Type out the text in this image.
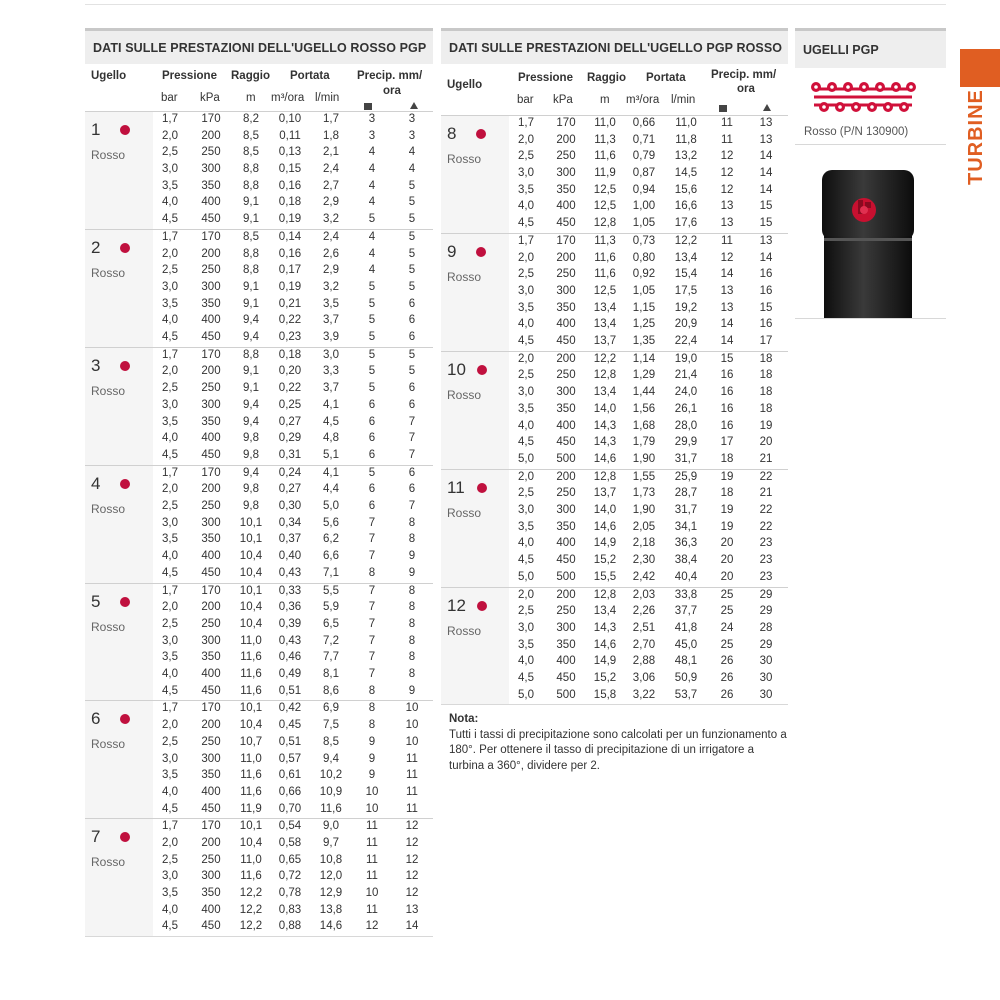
DATI SULLE PRESTAZIONI DELL'UGELLO ROSSO PGP
Ugello	Pressione Raggio Portata Precip. mm/
ora
bar kPa m m³/ora l/min
1
Rosso
1,7	170	8,2	0,10	1,7	3	3
2,0	200	8,5	0,11	1,8	3	3
2,5	250	8,5	0,13	2,1	4	4
3,0	300	8,8	0,15	2,4	4	4
3,5	350	8,8	0,16	2,7	4	5
4,0	400	9,1	0,18	2,9	4	5
4,5	450	9,1	0,19	3,2	5	5
2
Rosso
1,7	170	8,5	0,14	2,4	4	5
2,0	200	8,8	0,16	2,6	4	5
2,5	250	8,8	0,17	2,9	4	5
3,0	300	9,1	0,19	3,2	5	5
3,5	350	9,1	0,21	3,5	5	6
4,0	400	9,4	0,22	3,7	5	6
4,5	450	9,4	0,23	3,9	5	6
3
Rosso
1,7	170	8,8	0,18	3,0	5	5
2,0	200	9,1	0,20	3,3	5	5
2,5	250	9,1	0,22	3,7	5	6
3,0	300	9,4	0,25	4,1	6	6
3,5	350	9,4	0,27	4,5	6	7
4,0	400	9,8	0,29	4,8	6	7
4,5	450	9,8	0,31	5,1	6	7
4
Rosso
1,7	170	9,4	0,24	4,1	5	6
2,0	200	9,8	0,27	4,4	6	6
2,5	250	9,8	0,30	5,0	6	7
3,0	300	10,1	0,34	5,6	7	8
3,5	350	10,1	0,37	6,2	7	8
4,0	400	10,4	0,40	6,6	7	9
4,5	450	10,4	0,43	7,1	8	9
5
Rosso
1,7	170	10,1	0,33	5,5	7	8
2,0	200	10,4	0,36	5,9	7	8
2,5	250	10,4	0,39	6,5	7	8
3,0	300	11,0	0,43	7,2	7	8
3,5	350	11,6	0,46	7,7	7	8
4,0	400	11,6	0,49	8,1	7	8
4,5	450	11,6	0,51	8,6	8	9
6
Rosso
1,7	170	10,1	0,42	6,9	8	10
2,0	200	10,4	0,45	7,5	8	10
2,5	250	10,7	0,51	8,5	9	10
3,0	300	11,0	0,57	9,4	9	11
3,5	350	11,6	0,61	10,2	9	11
4,0	400	11,6	0,66	10,9	10	11
4,5	450	11,9	0,70	11,6	10	11
7
Rosso
1,7	170	10,1	0,54	9,0	11	12
2,0	200	10,4	0,58	9,7	11	12
2,5	250	11,0	0,65	10,8	11	12
3,0	300	11,6	0,72	12,0	11	12
3,5	350	12,2	0,78	12,9	10	12
4,0	400	12,2	0,83	13,8	11	13
4,5	450	12,2	0,88	14,6	12	14
DATI SULLE PRESTAZIONI DELL'UGELLO PGP ROSSO
Ugello
Pressione Raggio Portata Precip. mm/
ora
bar kPa m m³/ora l/min
8
Rosso
1,7	170	11,0	0,66	11,0	11	13
2,0	200	11,3	0,71	11,8	11	13
2,5	250	11,6	0,79	13,2	12	14
3,0	300	11,9	0,87	14,5	12	14
3,5	350	12,5	0,94	15,6	12	14
4,0	400	12,5	1,00	16,6	13	15
4,5	450	12,8	1,05	17,6	13	15
9
Rosso
1,7	170	11,3	0,73	12,2	11	13
2,0	200	11,6	0,80	13,4	12	14
2,5	250	11,6	0,92	15,4	14	16
3,0	300	12,5	1,05	17,5	13	16
3,5	350	13,4	1,15	19,2	13	15
4,0	400	13,4	1,25	20,9	14	16
4,5	450	13,7	1,35	22,4	14	17
10
Rosso
2,0	200	12,2	1,14	19,0	15	18
2,5	250	12,8	1,29	21,4	16	18
3,0	300	13,4	1,44	24,0	16	18
3,5	350	14,0	1,56	26,1	16	18
4,0	400	14,3	1,68	28,0	16	19
4,5	450	14,3	1,79	29,9	17	20
5,0	500	14,6	1,90	31,7	18	21
11
Rosso
2,0	200	12,8	1,55	25,9	19	22
2,5	250	13,7	1,73	28,7	18	21
3,0	300	14,0	1,90	31,7	19	22
3,5	350	14,6	2,05	34,1	19	22
4,0	400	14,9	2,18	36,3	20	23
4,5	450	15,2	2,30	38,4	20	23
5,0	500	15,5	2,42	40,4	20	23
12
Rosso
2,0	200	12,8	2,03	33,8	25	29
2,5	250	13,4	2,26	37,7	25	29
3,0	300	14,3	2,51	41,8	24	28
3,5	350	14,6	2,70	45,0	25	29
4,0	400	14,9	2,88	48,1	26	30
4,5	450	15,2	3,06	50,9	26	30
5,0	500	15,8	3,22	53,7	26	30
Nota:
Tutti i tassi di precipitazione sono calcolati per un funzionamento a 180°. Per ottenere il tasso di precipitazione di un irrigatore a turbina a 360°, dividere per 2.
UGELLI PGP
Rosso (P/N 130900)	TURBINE
